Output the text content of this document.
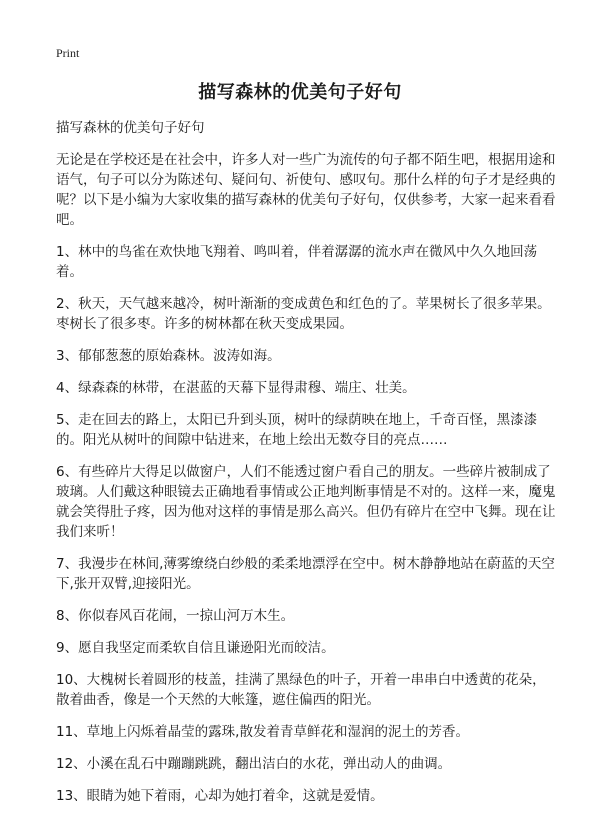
Print
描写森林的优美句子好句

描写森林的优美句子好句

无论是在学校还是在社会中，许多人对一些广为流传的句子都不陌生吧，根据用途和语气，句子可以分为陈述句、疑问句、祈使句、感叹句。那什么样的句子才是经典的呢？以下是小编为大家收集的描写森林的优美句子好句，仅供参考，大家一起来看看吧。

1、林中的鸟雀在欢快地飞翔着、鸣叫着，伴着潺潺的流水声在微风中久久地回荡着。

2、秋天，天气越来越冷，树叶渐渐的变成黄色和红色的了。苹果树长了很多苹果。枣树长了很多枣。许多的树林都在秋天变成果园。

3、郁郁葱葱的原始森林。波涛如海。

4、绿森森的林带，在湛蓝的天幕下显得肃穆、端庄、壮美。

5、走在回去的路上，太阳已升到头顶，树叶的绿荫映在地上，千奇百怪，黑漆漆的。阳光从树叶的间隙中钻进来，在地上绘出无数夺目的亮点……

6、有些碎片大得足以做窗户，人们不能透过窗户看自己的朋友。一些碎片被制成了玻璃。人们戴这种眼镜去正确地看事情或公正地判断事情是不对的。这样一来，魔鬼就会笑得肚子疼，因为他对这样的事情是那么高兴。但仍有碎片在空中飞舞。现在让我们来听！

7、我漫步在林间,薄雾缭绕白纱般的柔柔地漂浮在空中。树木静静地站在蔚蓝的天空下,张开双臂,迎接阳光。

8、你似春风百花闹，一掠山河万木生。

9、愿自我坚定而柔软自信且谦逊阳光而皎洁。

10、大槐树长着圆形的枝盖，挂满了黑绿色的叶子，开着一串串白中透黄的花朵，散着曲香，像是一个天然的大帐篷，遮住偏西的阳光。

11、草地上闪烁着晶莹的露珠,散发着青草鲜花和湿润的泥土的芳香。

12、小溪在乱石中蹦蹦跳跳，翻出洁白的水花，弹出动人的曲调。

13、眼睛为她下着雨，心却为她打着伞，这就是爱情。
